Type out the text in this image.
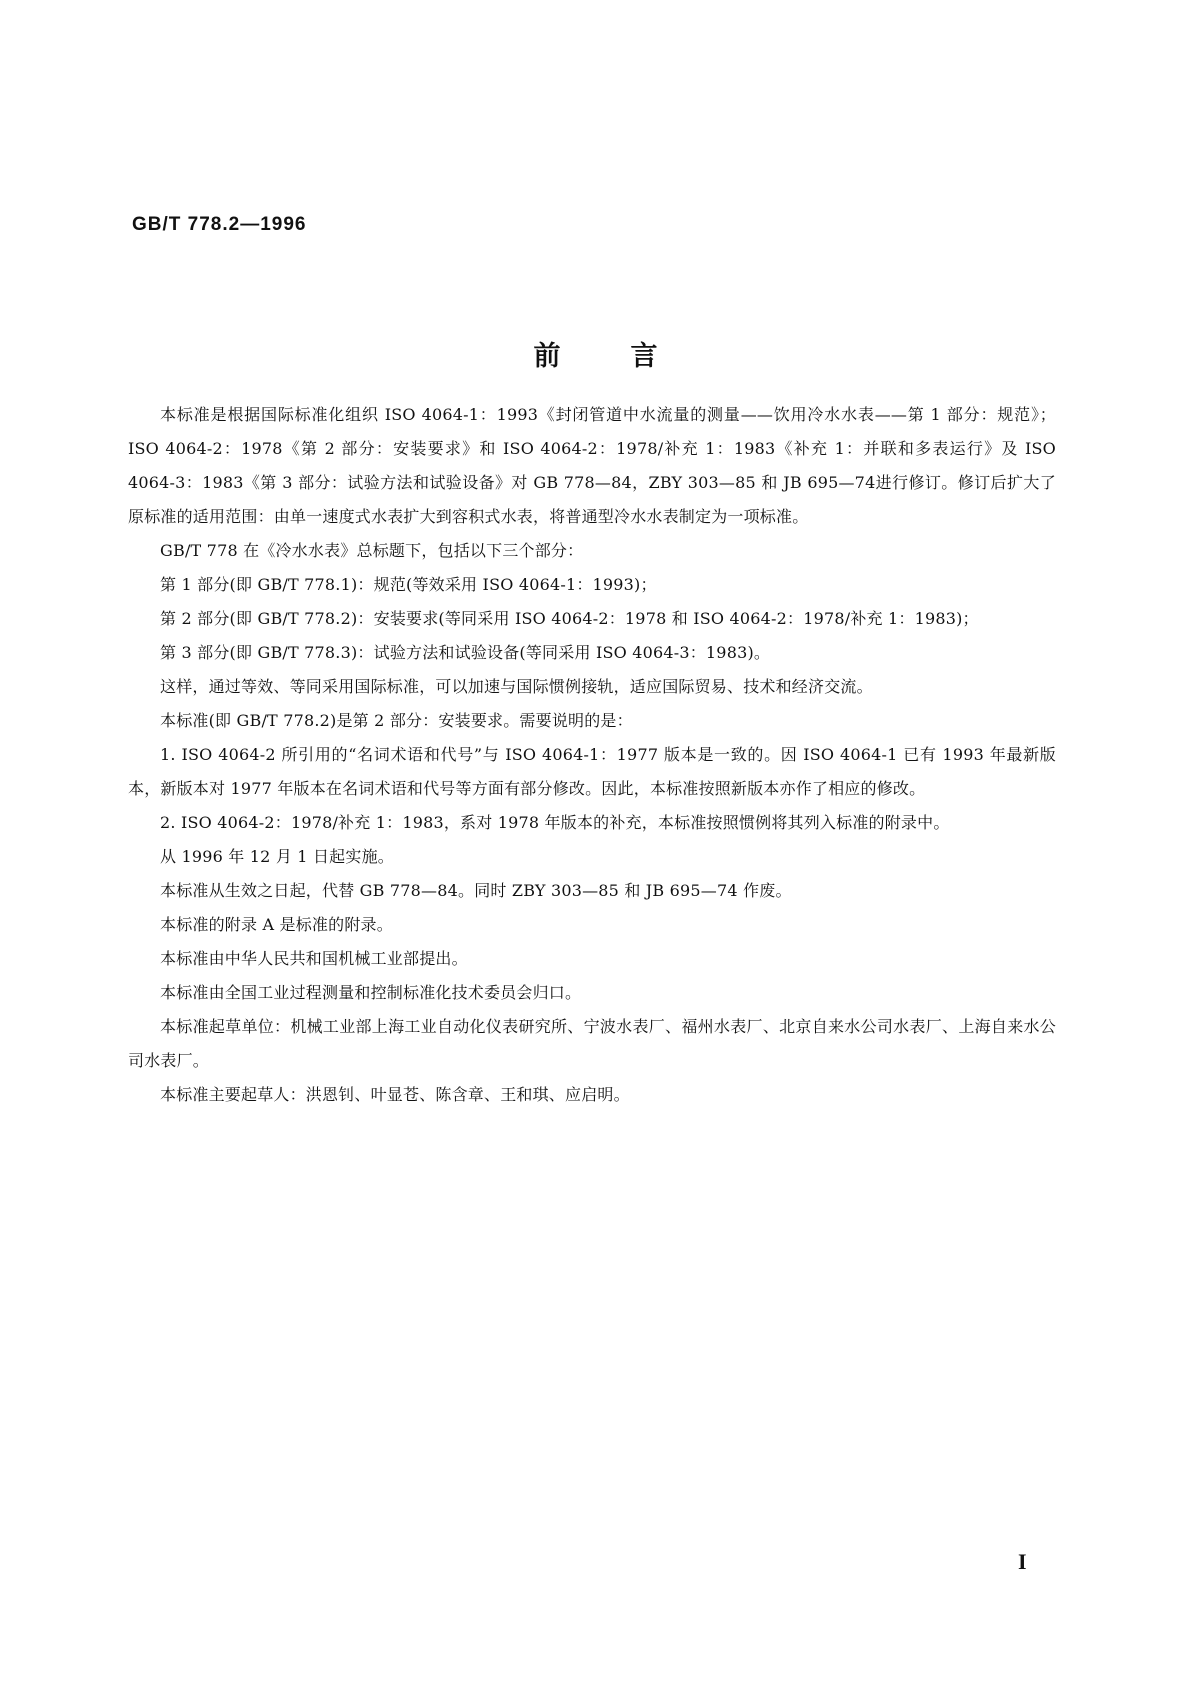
GB/T 778.2—1996
前言

本标准是根据国际标准化组织 ISO 4064-1：1993《封闭管道中水流量的测量——饮用冷水水表——第 1 部分：规范》；ISO 4064-2：1978《第 2 部分：安装要求》和 ISO 4064-2：1978/补充 1：1983《补充 1：并联和多表运行》及 ISO 4064-3：1983《第 3 部分：试验方法和试验设备》对 GB 778—84，ZBY 303—85 和 JB 695—74进行修订。修订后扩大了原标准的适用范围：由单一速度式水表扩大到容积式水表，将普通型冷水水表制定为一项标准。

GB/T 778 在《冷水水表》总标题下，包括以下三个部分：

第 1 部分(即 GB/T 778.1)：规范(等效采用 ISO 4064-1：1993)；

第 2 部分(即 GB/T 778.2)：安装要求(等同采用 ISO 4064-2：1978 和 ISO 4064-2：1978/补充 1：1983)；

第 3 部分(即 GB/T 778.3)：试验方法和试验设备(等同采用 ISO 4064-3：1983)。

这样，通过等效、等同采用国际标准，可以加速与国际惯例接轨，适应国际贸易、技术和经济交流。

本标准(即 GB/T 778.2)是第 2 部分：安装要求。需要说明的是：

1. ISO 4064-2 所引用的“名词术语和代号”与 ISO 4064-1：1977 版本是一致的。因 ISO 4064-1 已有 1993 年最新版本，新版本对 1977 年版本在名词术语和代号等方面有部分修改。因此，本标准按照新版本亦作了相应的修改。

2. ISO 4064-2：1978/补充 1：1983，系对 1978 年版本的补充，本标准按照惯例将其列入标准的附录中。

从 1996 年 12 月 1 日起实施。

本标准从生效之日起，代替 GB 778—84。同时 ZBY 303—85 和 JB 695—74 作废。

本标准的附录 A 是标准的附录。

本标准由中华人民共和国机械工业部提出。

本标准由全国工业过程测量和控制标准化技术委员会归口。

本标准起草单位：机械工业部上海工业自动化仪表研究所、宁波水表厂、福州水表厂、北京自来水公司水表厂、上海自来水公司水表厂。

本标准主要起草人：洪恩钊、叶显苍、陈含章、王和琪、应启明。

I
